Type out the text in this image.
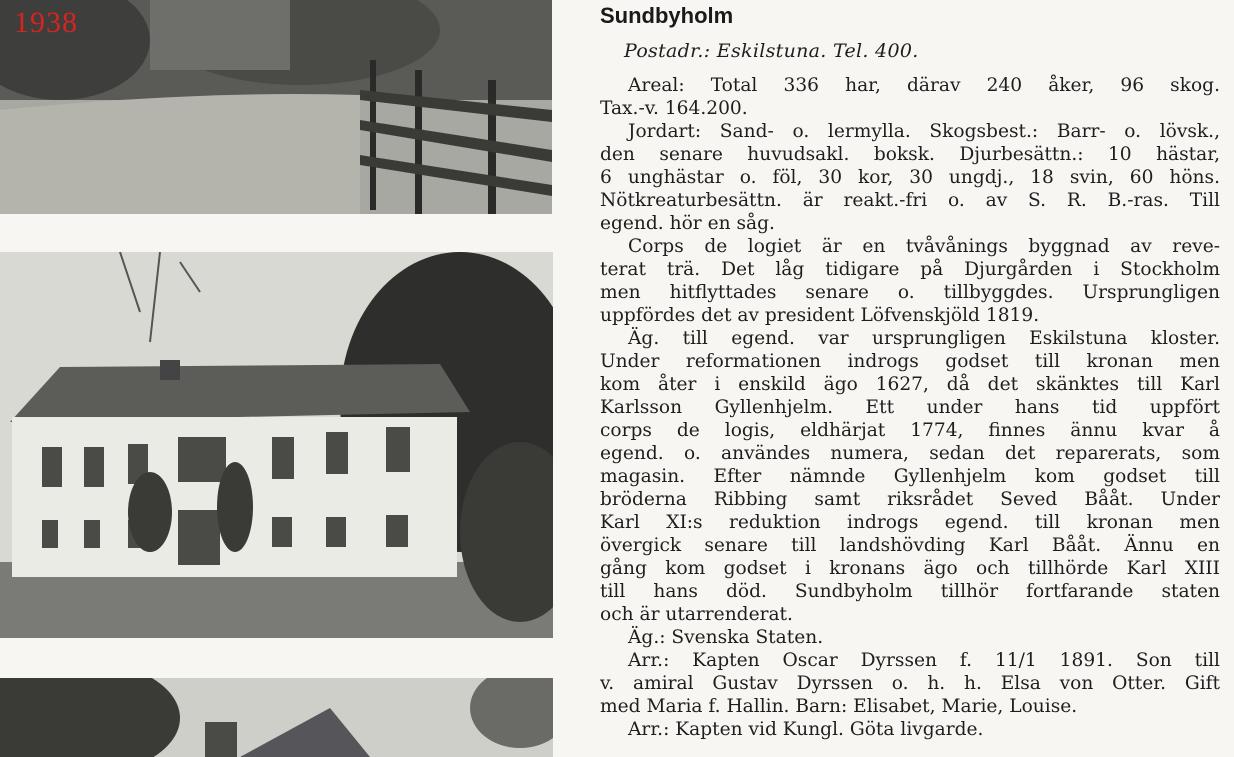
1938	Sundbyholm
Postadr.: Eskilstuna. Tel. 400.
Areal: Total 336 har, därav 240 åker, 96 skog.
Tax.-v. 164.200.
Jordart: Sand- o. lermylla. Skogsbest.: Barr- o. lövsk.,
den senare huvudsakl. boksk. Djurbesättn.: 10 hästar,
6 unghästar o. föl, 30 kor, 30 ungdj., 18 svin, 60 höns.
Nötkreaturbesättn. är reakt.-fri o. av S. R. B.-ras. Till
egend. hör en såg.
Corps de logiet är en tvåvånings byggnad av reve-
terat trä. Det låg tidigare på Djurgården i Stockholm
men hitflyttades senare o. tillbyggdes. Ursprungligen
uppfördes det av president Löfvenskjöld 1819.
Äg. till egend. var ursprungligen Eskilstuna kloster.
Under reformationen indrogs godset till kronan men
kom åter i enskild ägo 1627, då det skänktes till Karl
Karlsson Gyllenhjelm. Ett under hans tid uppfört
corps de logis, eldhärjat 1774, finnes ännu kvar å
egend. o. användes numera, sedan det reparerats, som
magasin. Efter nämnde Gyllenhjelm kom godset till
bröderna Ribbing samt riksrådet Seved Bååt. Under
Karl XI:s reduktion indrogs egend. till kronan men
övergick senare till landshövding Karl Bååt. Ännu en
gång kom godset i kronans ägo och tillhörde Karl XIII
till hans död. Sundbyholm tillhör fortfarande staten
och är utarrenderat.
Äg.: Svenska Staten.
Arr.: Kapten Oscar Dyrssen f. 11/1 1891. Son till
v. amiral Gustav Dyrssen o. h. h. Elsa von Otter. Gift
med Maria f. Hallin. Barn: Elisabet, Marie, Louise.
Arr.: Kapten vid Kungl. Göta livgarde.
